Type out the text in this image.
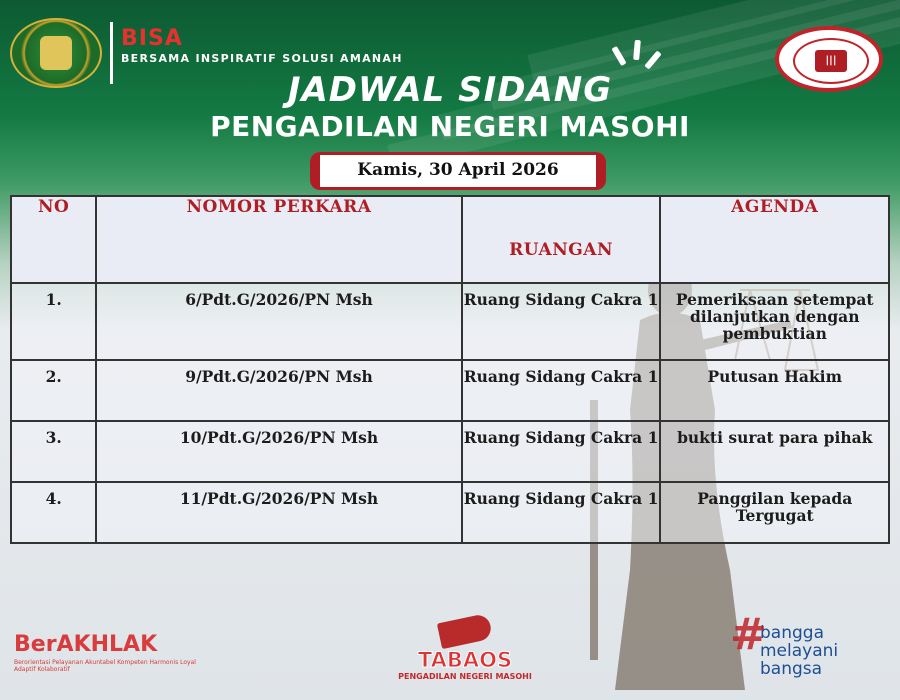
BISA
BERSAMA INSPIRATIF SOLUSI AMANAH
JADWAL SIDANG
PENGADILAN NEGERI MASOHI
|||
Kamis, 30 April 2026
NO	NOMOR PERKARA	RUANGAN	AGENDA
1.	6/Pdt.G/2026/PN Msh	Ruang Sidang Cakra 1	Pemeriksaan setempat dilanjutkan dengan pembuktian
2.	9/Pdt.G/2026/PN Msh	Ruang Sidang Cakra 1	Putusan Hakim
3.	10/Pdt.G/2026/PN Msh	Ruang Sidang Cakra 1	bukti surat para pihak
4.	11/Pdt.G/2026/PN Msh	Ruang Sidang Cakra 1	Panggilan kepada Tergugat
BerAKHLAK
Berorientasi Pelayanan Akuntabel Kompeten Harmonis Loyal Adaptif Kolaboratif	TABAOS
PENGADILAN NEGERI MASOHI
#
bangga
melayani
bangsa
